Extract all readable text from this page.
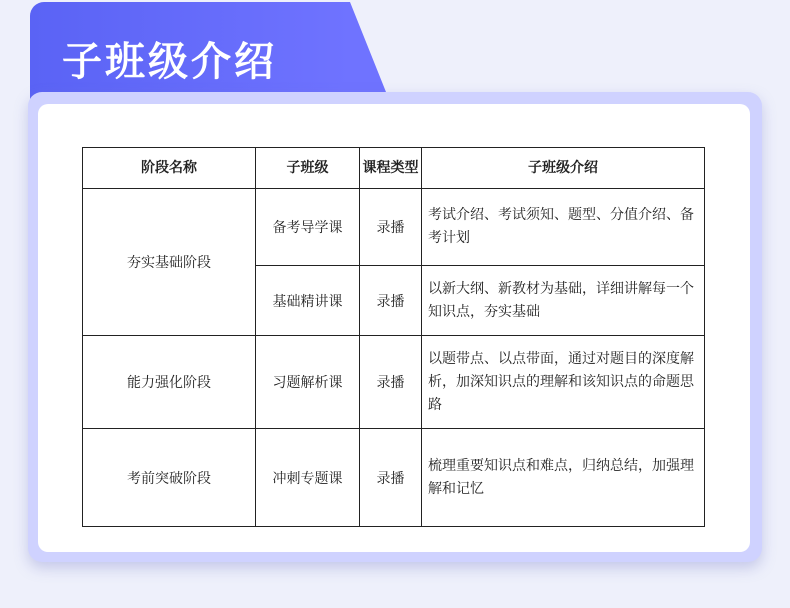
子班级介绍
阶段名称	子班级	课程类型	子班级介绍
夯实基础阶段	备考导学课	录播	考试介绍、考试须知、题型、分值介绍、备考计划
	基础精讲课	录播	以新大纲、新教材为基础，详细讲解每一个知识点，夯实基础
能力强化阶段	习题解析课	录播	以题带点、以点带面，通过对题目的深度解析，加深知识点的理解和该知识点的命题思路
考前突破阶段	冲刺专题课	录播	梳理重要知识点和难点，归纳总结，加强理解和记忆
